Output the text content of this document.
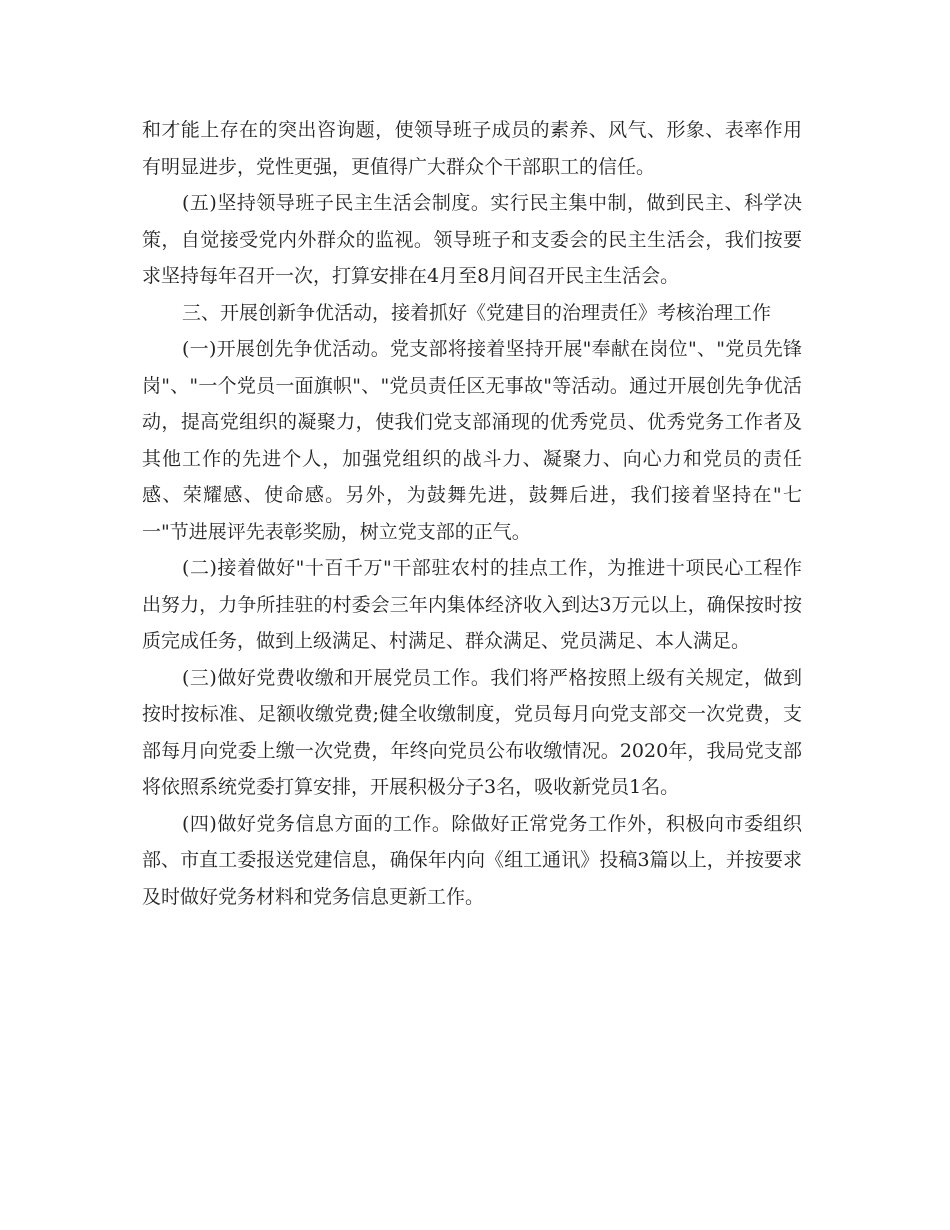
和才能上存在的突出咨询题，使领导班子成员的素养、风气、形象、表率作用有明显进步，党性更强，更值得广大群众个干部职工的信任。

(五)坚持领导班子民主生活会制度。实行民主集中制，做到民主、科学决策，自觉接受党内外群众的监视。领导班子和支委会的民主生活会，我们按要求坚持每年召开一次，打算安排在4月至8月间召开民主生活会。

三、开展创新争优活动，接着抓好《党建目的治理责任》考核治理工作

(一)开展创先争优活动。党支部将接着坚持开展"奉献在岗位"、"党员先锋岗"、"一个党员一面旗帜"、"党员责任区无事故"等活动。通过开展创先争优活动，提高党组织的凝聚力，使我们党支部涌现的优秀党员、优秀党务工作者及其他工作的先进个人，加强党组织的战斗力、凝聚力、向心力和党员的责任感、荣耀感、使命感。另外，为鼓舞先进，鼓舞后进，我们接着坚持在"七一"节进展评先表彰奖励，树立党支部的正气。

(二)接着做好"十百千万"干部驻农村的挂点工作，为推进十项民心工程作出努力，力争所挂驻的村委会三年内集体经济收入到达3万元以上，确保按时按质完成任务，做到上级满足、村满足、群众满足、党员满足、本人满足。

(三)做好党费收缴和开展党员工作。我们将严格按照上级有关规定，做到按时按标准、足额收缴党费;健全收缴制度，党员每月向党支部交一次党费，支部每月向党委上缴一次党费，年终向党员公布收缴情况。2020年，我局党支部将依照系统党委打算安排，开展积极分子3名，吸收新党员1名。

(四)做好党务信息方面的工作。除做好正常党务工作外，积极向市委组织部、市直工委报送党建信息，确保年内向《组工通讯》投稿3篇以上，并按要求及时做好党务材料和党务信息更新工作。
